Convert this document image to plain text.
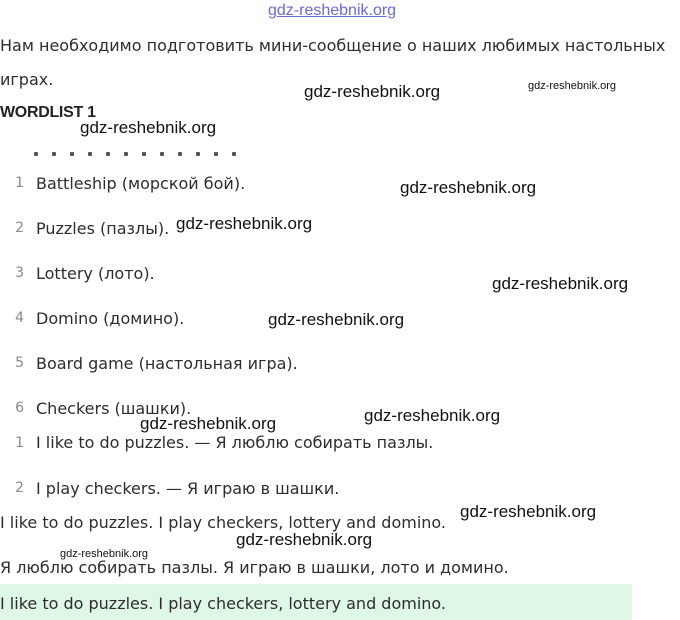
gdz-reshebnik.org
Нам необходимо подготовить мини-сообщение о наших любимых настольных
играх.
WORDLIST 1
1 Battleship (морской бой).
2 Puzzles (пазлы).
3 Lottery (лото).
4 Domino (домино).
5 Board game (настольная игра).
6 Checkers (шашки).
1 I like to do puzzles. — Я люблю собирать пазлы.
2 I play checkers. — Я играю в шашки.
I like to do puzzles. I play checkers, lottery and domino.
Я люблю собирать пазлы. Я играю в шашки, лото и домино.
I like to do puzzles. I play checkers, lottery and domino.
gdz-reshebnik.org	gdz-reshebnik.org
gdz-reshebnik.org
gdz-reshebnik.org
gdz-reshebnik.org
gdz-reshebnik.org
gdz-reshebnik.org
gdz-reshebnik.org
gdz-reshebnik.org
gdz-reshebnik.org
gdz-reshebnik.org
gdz-reshebnik.org
